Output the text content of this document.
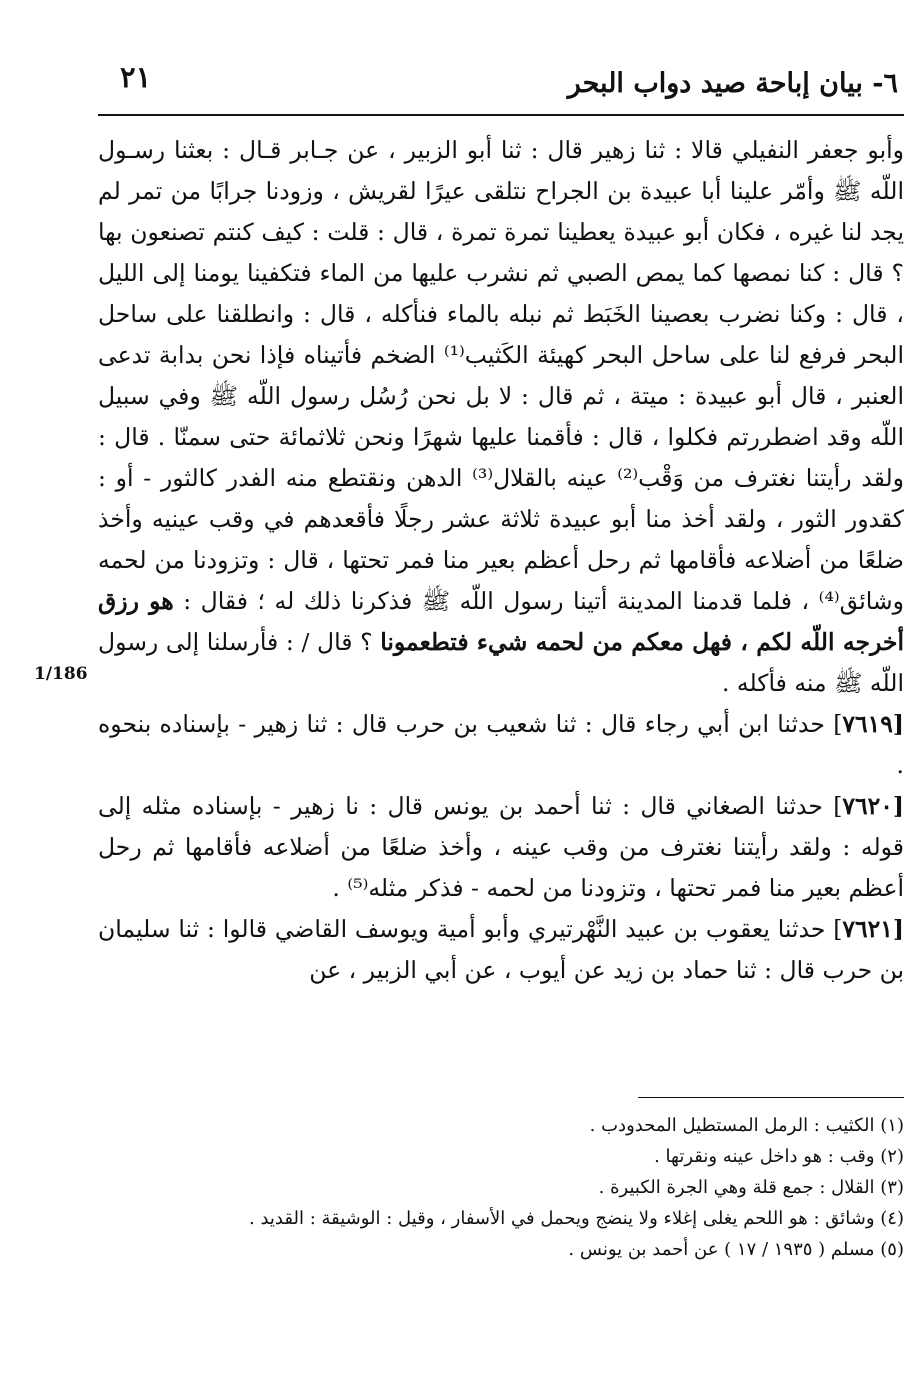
٦- بيان إباحة صيد دواب البحر
٢١
1/186

وأبو جعفر النفيلي قالا : ثنا زهير قال : ثنا أبو الزبير ، عن جـابر قـال : بعثنا رسـول اللّه ﷺ وأمّر علينا أبا عبيدة بن الجراح نتلقى عيرًا لقريش ، وزودنا جرابًا من تمر لم يجد لنا غيره ، فكان أبو عبيدة يعطينا تمرة تمرة ، قال : قلت : كيف كنتم تصنعون بها ؟ قال : كنا نمصها كما يمص الصبي ثم نشرب عليها من الماء فتكفينا يومنا إلى الليل ، قال : وكنا نضرب بعصينا الخَبَط ثم نبله بالماء فنأكله ، قال : وانطلقنا على ساحل البحر فرفع لنا على ساحل البحر كهيئة الكَثيب⁽¹⁾ الضخم فأتيناه فإذا نحن بدابة تدعى العنبر ، قال أبو عبيدة : ميتة ، ثم قال : لا بل نحن رُسُل رسول اللّه ﷺ وفي سبيل اللّه وقد اضطررتم فكلوا ، قال : فأقمنا عليها شهرًا ونحن ثلاثمائة حتى سمنّا . قال : ولقد رأيتنا نغترف من وَقْب⁽²⁾ عينه بالقلال⁽³⁾ الدهن ونقتطع منه الفدر كالثور - أو : كقدور الثور ، ولقد أخذ منا أبو عبيدة ثلاثة عشر رجلًا فأقعدهم في وقب عينيه وأخذ ضلعًا من أضلاعه فأقامها ثم رحل أعظم بعير منا فمر تحتها ، قال : وتزودنا من لحمه وشائق⁽⁴⁾ ، فلما قدمنا المدينة أتينا رسول اللّه ﷺ فذكرنا ذلك له ؛ فقال : هو رزق أخرجه اللّه لكم ، فهل معكم من لحمه شيء فتطعمونا ؟ قال / : فأرسلنا إلى رسول اللّه ﷺ منه فأكله .

[٧٦١٩] حدثنا ابن أبي رجاء قال : ثنا شعيب بن حرب قال : ثنا زهير - بإسناده بنحوه .

[٧٦٢٠] حدثنا الصغاني قال : ثنا أحمد بن يونس قال : نا زهير - بإسناده مثله إلى قوله : ولقد رأيتنا نغترف من وقب عينه ، وأخذ ضلعًا من أضلاعه فأقامها ثم رحل أعظم بعير منا فمر تحتها ، وتزودنا من لحمه - فذكر مثله⁽⁵⁾ .

[٧٦٢١] حدثنا يعقوب بن عبيد النَّهْرتيري وأبو أمية ويوسف القاضي قالوا : ثنا سليمان بن حرب قال : ثنا حماد بن زيد عن أيوب ، عن أبي الزبير ، عن

(١) الكثيب : الرمل المستطيل المحدودب .
(٢) وقب : هو داخل عينه ونقرتها .
(٣) القلال : جمع قلة وهي الجرة الكبيرة .
(٤) وشائق : هو اللحم يغلى إغلاء ولا ينضج ويحمل في الأسفار ، وقيل : الوشيقة : القديد .
(٥) مسلم ( ١٩٣٥ / ١٧ ) عن أحمد بن يونس .
